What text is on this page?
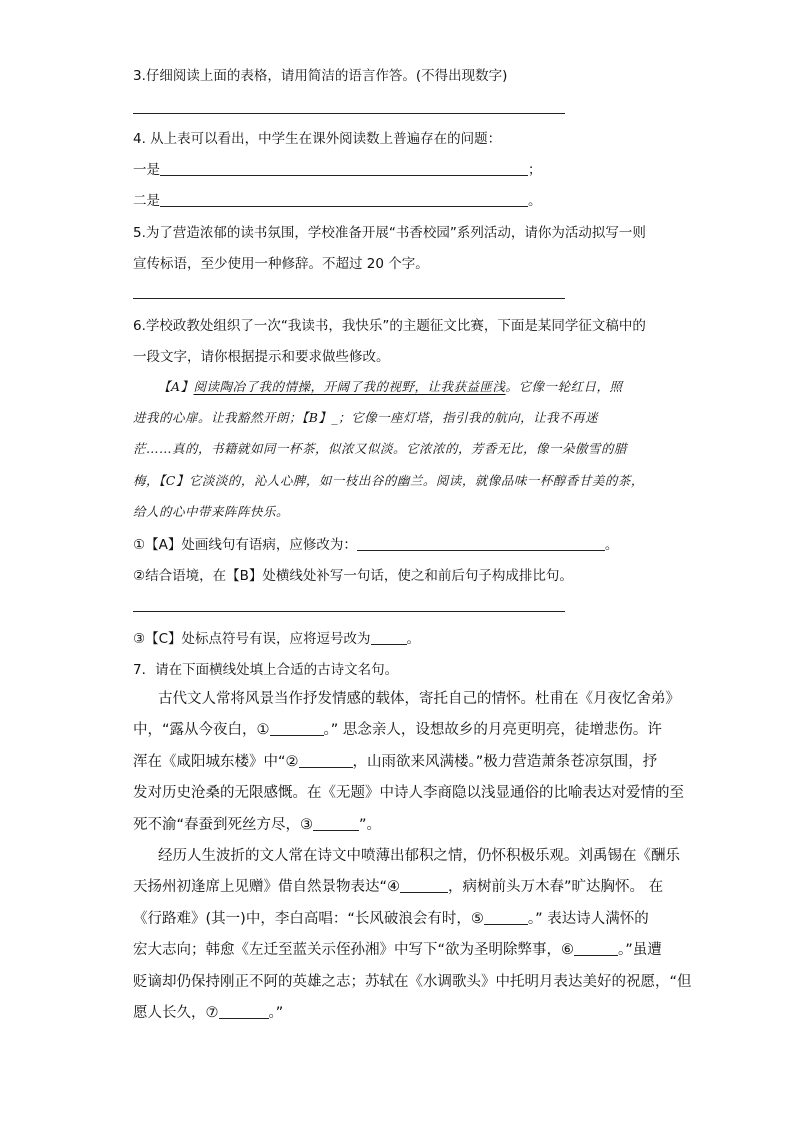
3.仔细阅读上面的表格，请用简洁的语言作答。(不得出现数字)
4. 从上表可以看出，中学生在课外阅读数上普遍存在的问题：
一是	；
二是	。
5.为了营造浓郁的读书氛围，学校准备开展“书香校园”系列活动，请你为活动拟写一则
宣传标语，至少使用一种修辞。不超过 20 个字。
6.学校政教处组织了一次“我读书，我快乐”的主题征文比赛，下面是某同学征文稿中的
一段文字，请你根据提示和要求做些修改。
【A】阅读陶冶了我的情操，开阔了我的视野，让我获益匪浅。它像一轮红日，照
进我的心扉。让我豁然开朗；【B】_；它像一座灯塔，指引我的航向，让我不再迷
茫……真的，书籍就如同一杯茶，似浓又似淡。它浓浓的，芳香无比，像一朵傲雪的腊
梅，【C】它淡淡的，沁人心脾，如一枝出谷的幽兰。阅读，就像品味一杯醇香甘美的茶，
给人的心中带来阵阵快乐。
①【A】处画线句有语病，应修改为：	。
②结合语境，在【B】处横线处补写一句话，使之和前后句子构成排比句。
③【C】处标点符号有误，应将逗号改为	。
7．请在下面横线处填上合适的古诗文名句。
古代文人常将风景当作抒发情感的载体，寄托自己的情怀。杜甫在《月夜忆舍弟》
中，“露从今夜白，①	。” 思念亲人，设想故乡的月亮更明亮，徒增悲伤。许
浑在《咸阳城东楼》中“②	，山雨欲来风满楼。”极力营造萧条苍凉氛围，抒
发对历史沧桑的无限感慨。在《无题》中诗人李商隐以浅显通俗的比喻表达对爱情的至
死不渝“春蚕到死丝方尽，③	”。
经历人生波折的文人常在诗文中喷薄出郁积之情，仍怀积极乐观。刘禹锡在《酬乐
天扬州初逢席上见赠》借自然景物表达“④	，病树前头万木春”旷达胸怀。 在
《行路难》(其一)中，李白高唱：“长风破浪会有时，⑤	。” 表达诗人满怀的
宏大志向；韩愈《左迁至蓝关示侄孙湘》中写下“欲为圣明除弊事，⑥	。”虽遭
贬谪却仍保持刚正不阿的英雄之志；苏轼在《水调歌头》中托明月表达美好的祝愿，“但
愿人长久，⑦	。”
